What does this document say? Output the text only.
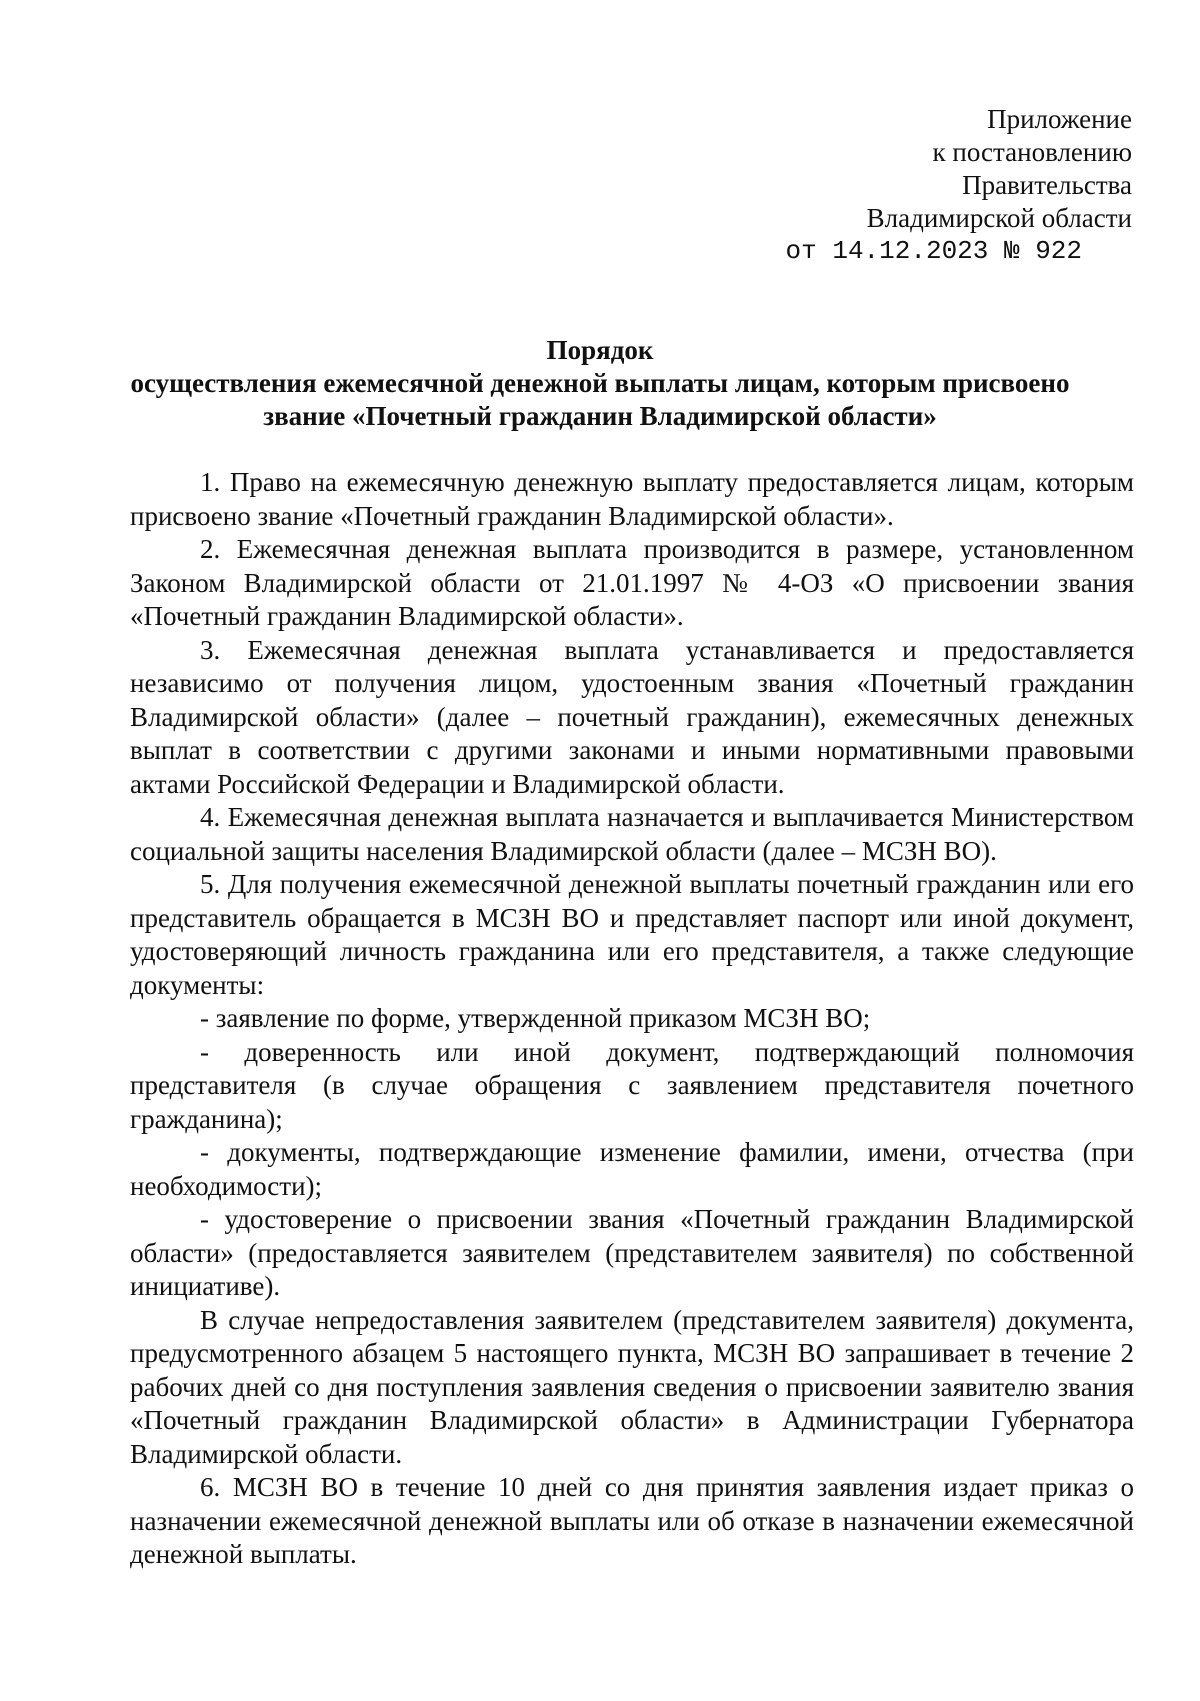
Приложение
к постановлению
Правительства
Владимирской области
от 14.12.2023 № 922
Порядок
осуществления ежемесячной денежной выплаты лицам, которым присвоено
звание «Почетный гражданин Владимирской области»

1. Право на ежемесячную денежную выплату предоставляется лицам, которым присвоено звание «Почетный гражданин Владимирской области».

2. Ежемесячная денежная выплата производится в размере, установленном Законом Владимирской области от 21.01.1997 № 4-ОЗ «О присвоении звания «Почетный гражданин Владимирской области».

3. Ежемесячная денежная выплата устанавливается и предоставляется независимо от получения лицом, удостоенным звания «Почетный гражданин Владимирской области» (далее – почетный гражданин), ежемесячных денежных выплат в соответствии с другими законами и иными нормативными правовыми актами Российской Федерации и Владимирской области.

4. Ежемесячная денежная выплата назначается и выплачивается Министерством социальной защиты населения Владимирской области (далее – МСЗН ВО).

5. Для получения ежемесячной денежной выплаты почетный гражданин или его представитель обращается в МСЗН ВО и представляет паспорт или иной документ, удостоверяющий личность гражданина или его представителя, а также следующие документы:

- заявление по форме, утвержденной приказом МСЗН ВО;

- доверенность или иной документ, подтверждающий полномочия представителя (в случае обращения с заявлением представителя почетного гражданина);

- документы, подтверждающие изменение фамилии, имени, отчества (при необходимости);

- удостоверение о присвоении звания «Почетный гражданин Владимирской области» (предоставляется заявителем (представителем заявителя) по собственной инициативе).

В случае непредоставления заявителем (представителем заявителя) документа, предусмотренного абзацем 5 настоящего пункта, МСЗН ВО запрашивает в течение 2 рабочих дней со дня поступления заявления сведения о присвоении заявителю звания «Почетный гражданин Владимирской области» в Администрации Губернатора Владимирской области.

6. МСЗН ВО в течение 10 дней со дня принятия заявления издает приказ о назначении ежемесячной денежной выплаты или об отказе в назначении ежемесячной денежной выплаты.
